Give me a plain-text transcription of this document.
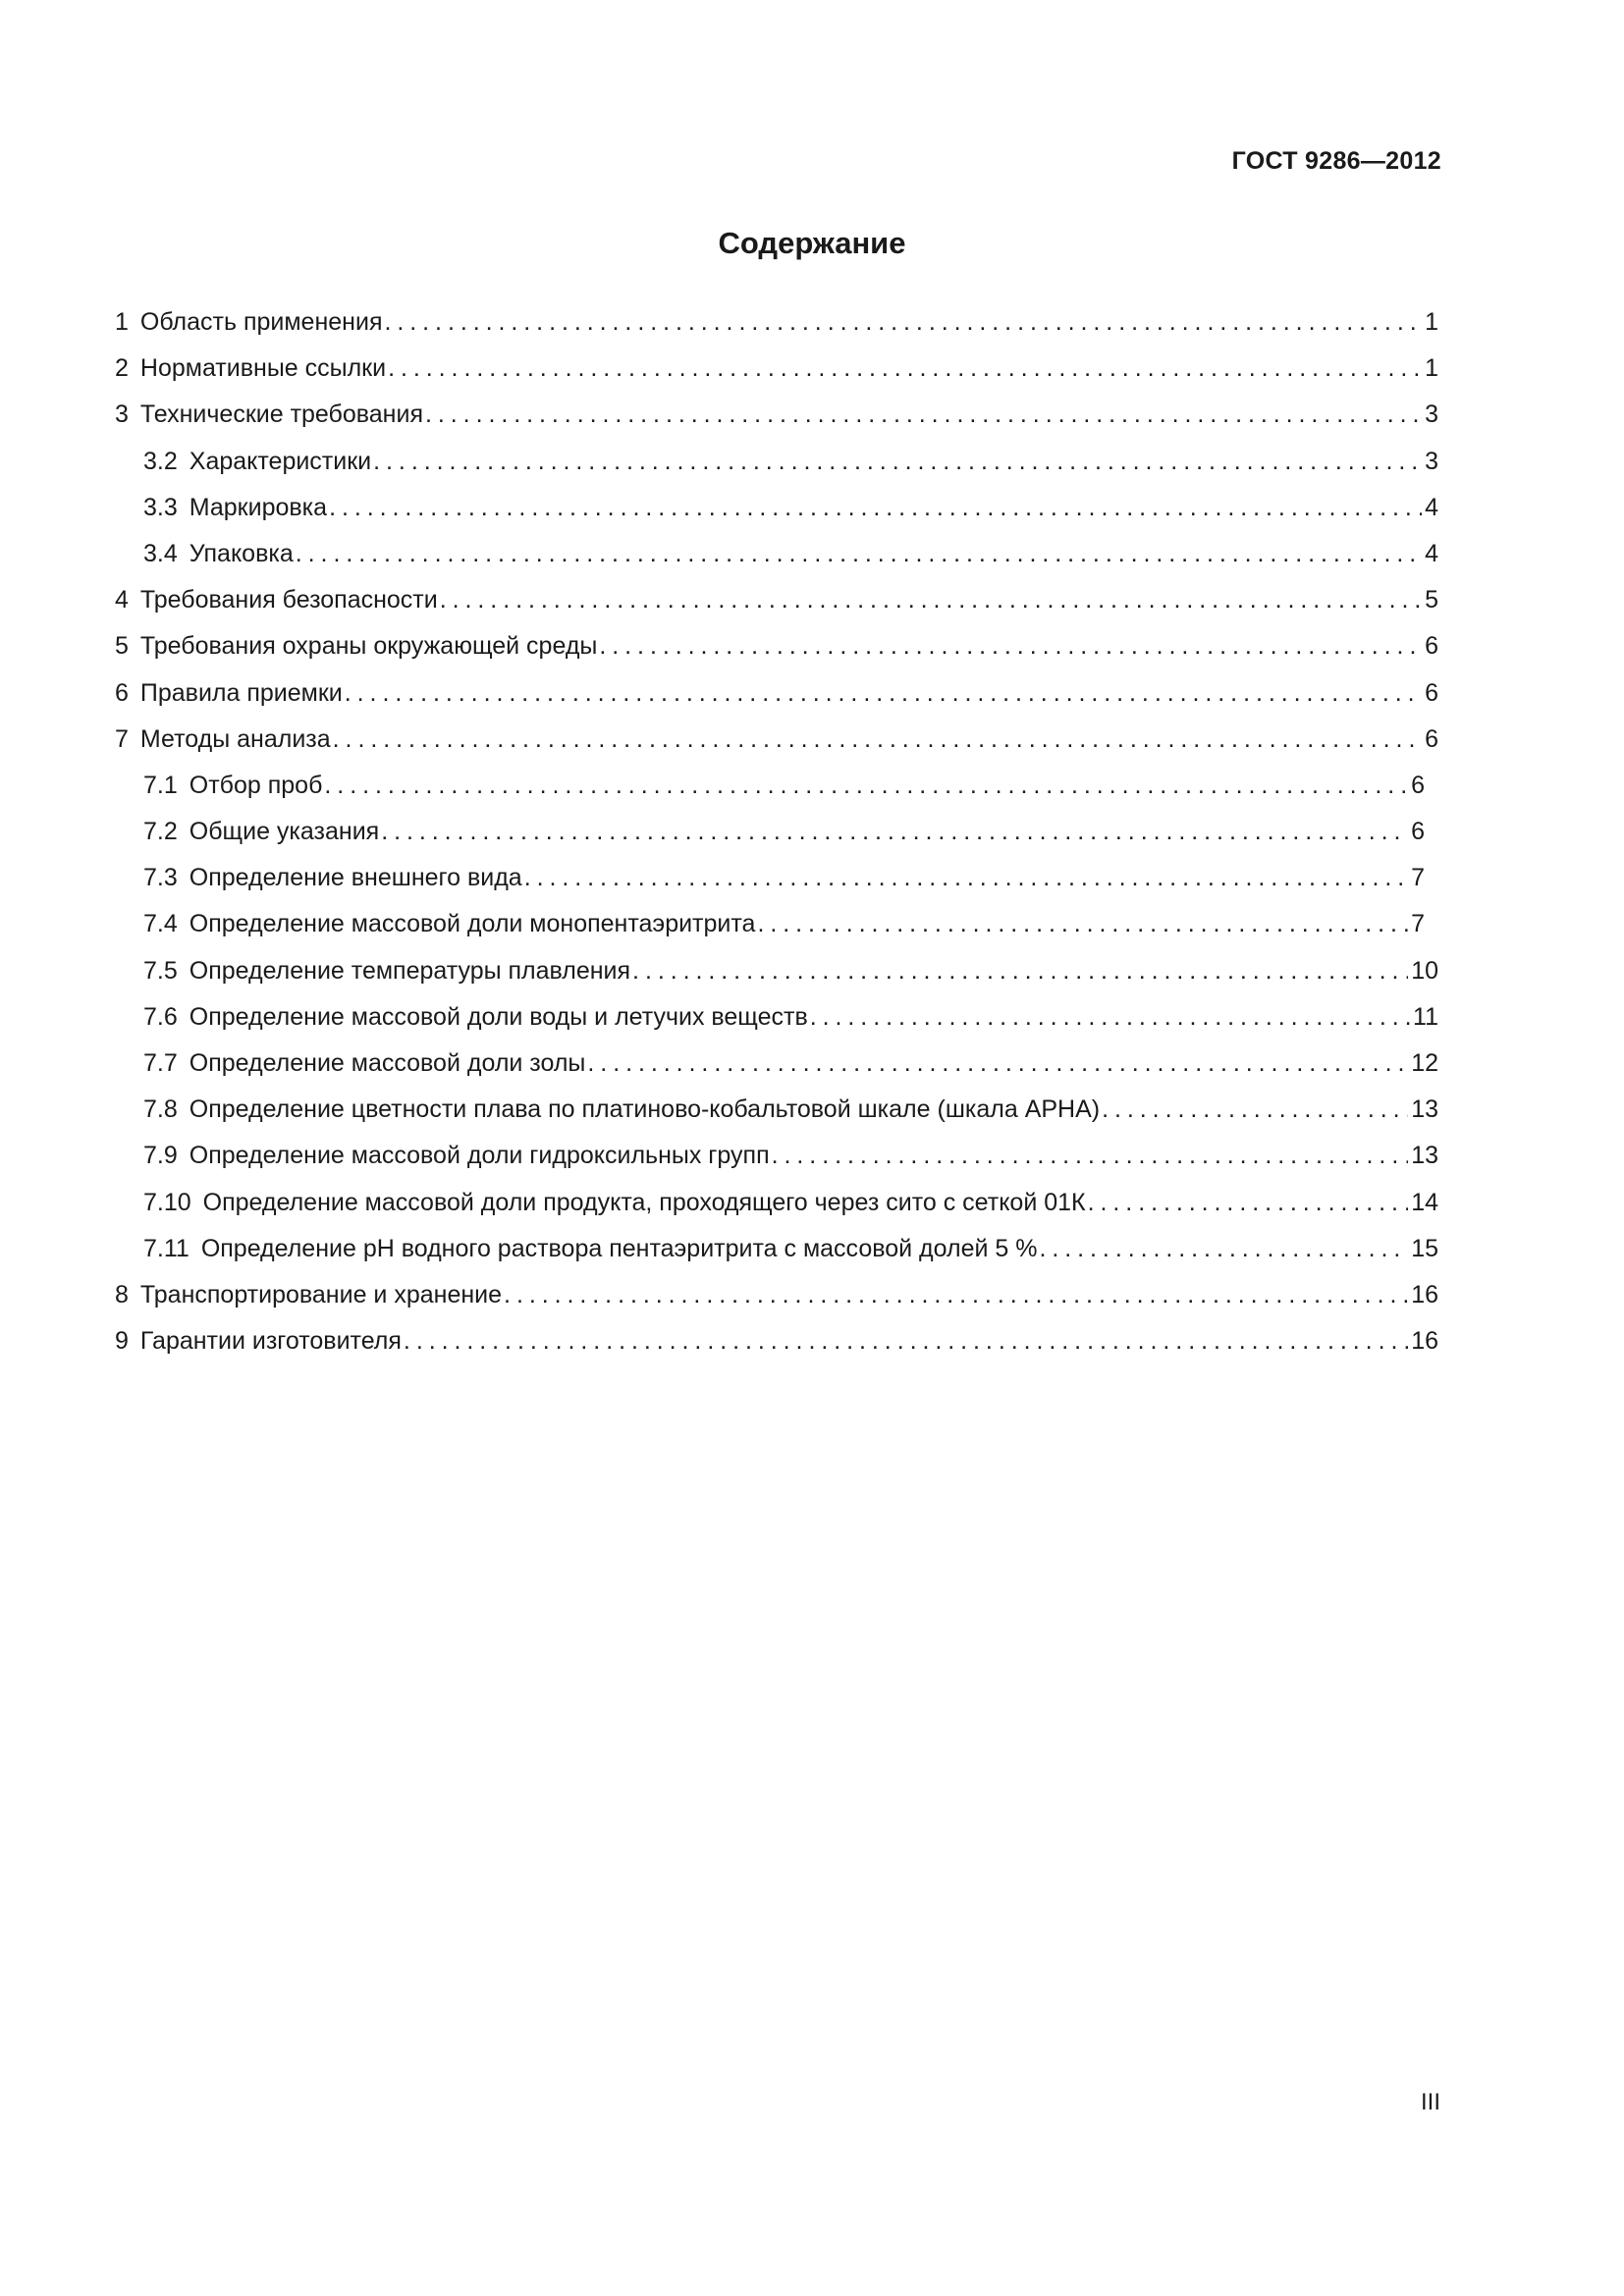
ГОСТ 9286—2012
Содержание
1 Область применения . . .	1
2 Нормативные ссылки . . .	1
3 Технические требования . . .	3
3.2 Характеристики . . .	3
3.3 Маркировка . . .	4
3.4 Упаковка . . .	4
4 Требования безопасности . . .	5
5 Требования охраны окружающей среды . . .	6
6 Правила приемки . . .	6
7 Методы анализа . . .	6
7.1 Отбор проб . . .	6
7.2 Общие указания . . .	6
7.3 Определение внешнего вида . . .	7
7.4 Определение массовой доли монопентаэритрита . . .	7
7.5 Определение температуры плавления . . .	10
7.6 Определение массовой доли воды и летучих веществ . . .	11
7.7 Определение массовой доли золы . . .	12
7.8 Определение цветности плава по платиново-кобальтовой шкале (шкала АРНА) . . .	13
7.9 Определение массовой доли гидроксильных групп . . .	13
7.10 Определение массовой доли продукта, проходящего через сито с сеткой 01К . . .	14
7.11 Определение рН водного раствора пентаэритрита с массовой долей 5 % . . .	15
8 Транспортирование и хранение . . .	16
9 Гарантии изготовителя . . .	16
III
